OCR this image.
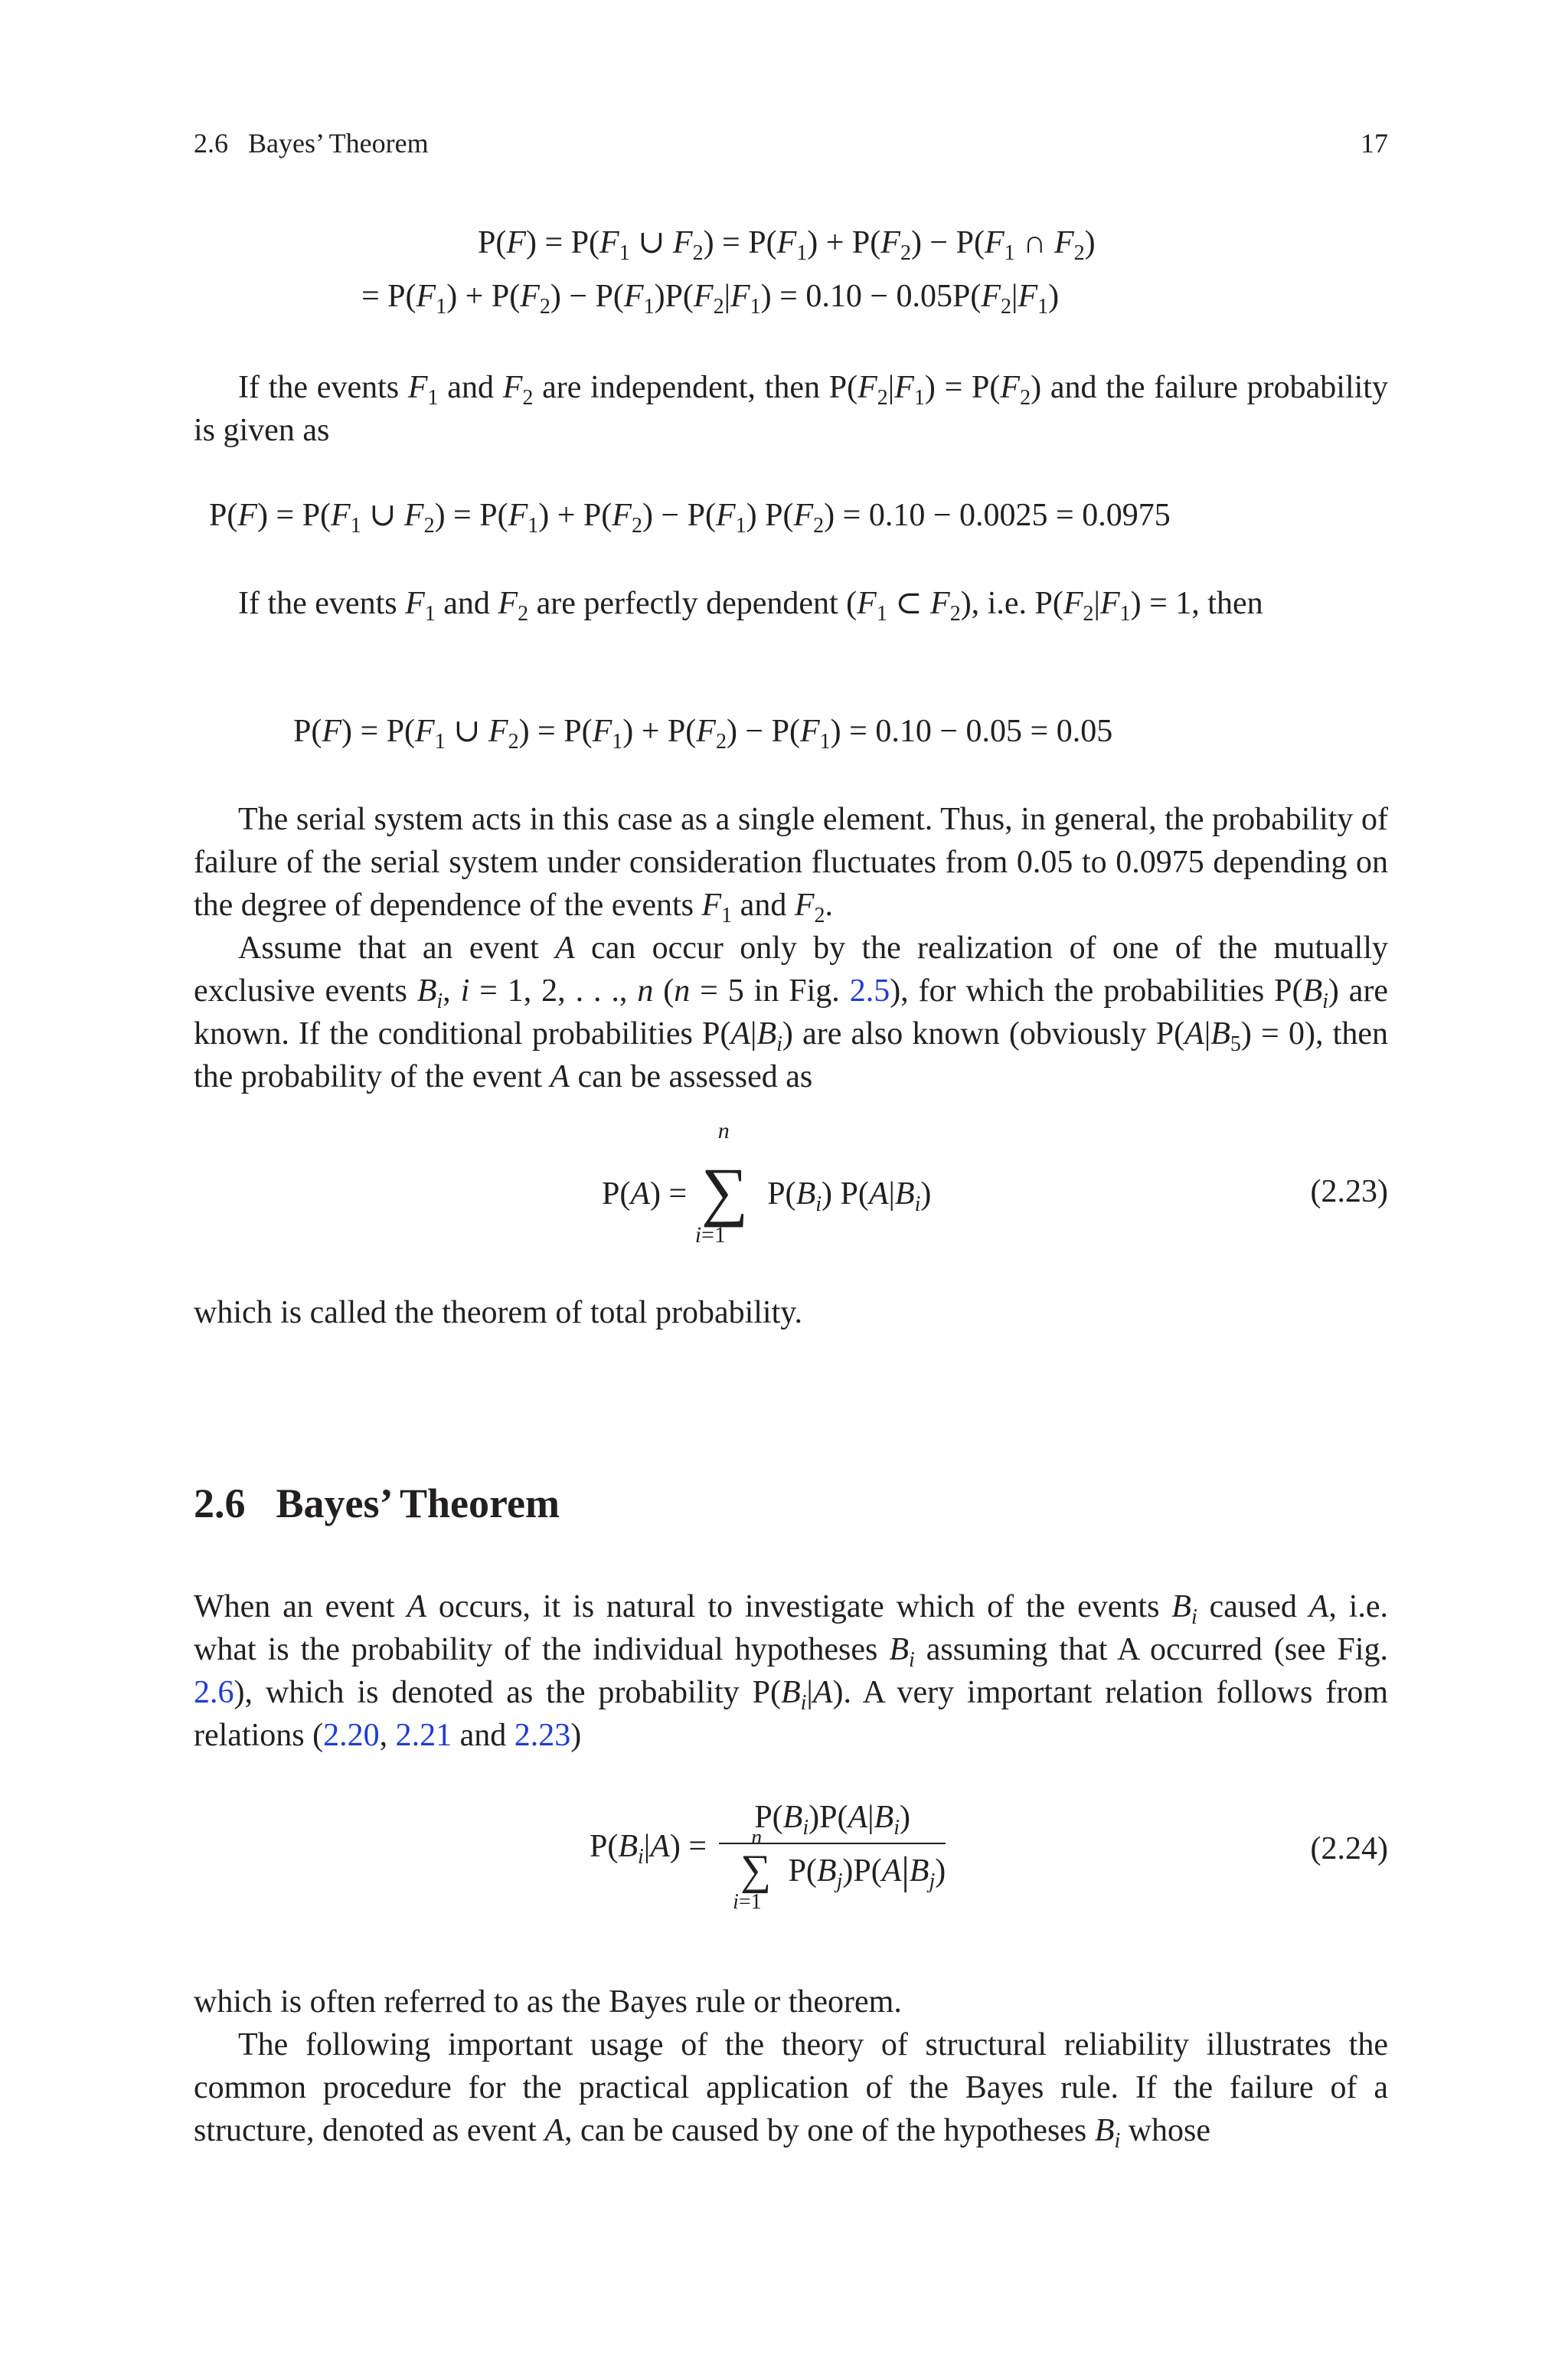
2.6 Bayes’ Theorem	17
$P(F) = P(F_1$ ∪ $F_2) = P(F_1) + P(F_2) - P(F_1$ ∩ $F_2$)
= $P(F_1) + P(F_2) - P(F_1)P(F_2|F_1) = 0.10 - 0.05P(F_2|F_1)$

If the events $F_1$ and $F_2$ are independent, then $P(F_2|F_1) = P(F_2)$ and the failure probability is given as

$P(F) = P(F_1$ ∪ $F_2) = P(F_1) + P(F_2) - P(F_1)$ $P(F_2) = 0.10 - 0.0025 = 0.0975$

If the events $F_1$ and $F_2$ are perfectly dependent ($F_1$ ⊂ $F_2$), i.e. $P(F_2|F_1) = 1$, then

$P(F) = P(F_1$ ∪ $F_2) = P(F_1) + P(F_2) - P(F_1) = 0.10 - 0.05 = 0.05$

The serial system acts in this case as a single element. Thus, in general, the probability of failure of the serial system under consideration fluctuates from 0.05 to 0.0975 depending on the degree of dependence of the events $F_1$ and $F_2$.

Assume that an event A can occur only by the realization of one of the mutually exclusive events $B_i$, i = 1, 2, . . ., n (n = 5 in Fig. 2.5), for which the probabilities $P(B_i)$ are known. If the conditional probabilities $P(A|B_i)$ are also known (obviously $P(A|B_5) = 0$), then the probability of the event A can be assessed as

P(A) = ∑
n
i=1
$P(B_i)$ $P(A|B_i)$	(2.23)

which is called the theorem of total probability.

2.6 Bayes’ Theorem

When an event A occurs, it is natural to investigate which of the events $B_i$ caused A, i.e. what is the probability of the individual hypotheses $B_i$ assuming that A occurred (see Fig. 2.6), which is denoted as the probability $P(B_i|A)$. A very important relation follows from relations (2.20, 2.21 and 2.23)

$P(B_i|A) = P(B_i)P(A|B_i)$
∑
n
i=1
$P(B_j)P(A|B_j)$	(2.24)

which is often referred to as the Bayes rule or theorem.

The following important usage of the theory of structural reliability illustrates the common procedure for the practical application of the Bayes rule. If the failure of a structure, denoted as event A, can be caused by one of the hypotheses $B_i$ whose
